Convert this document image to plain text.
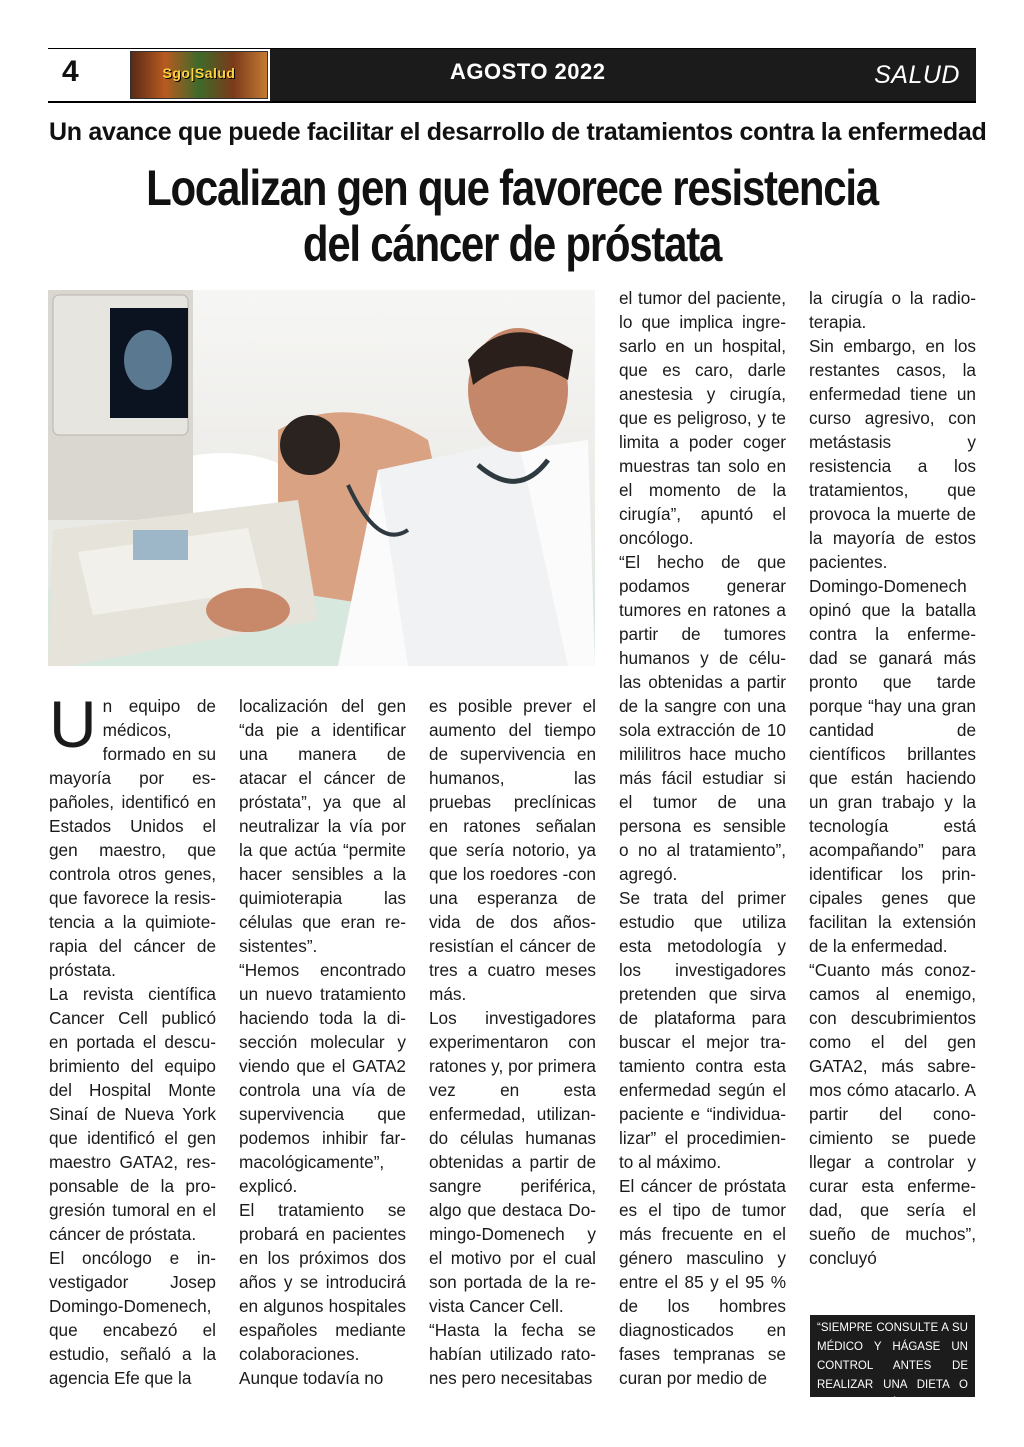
4	Sgo|Salud	AGOSTO 2022	SALUD
Un avance que puede facilitar el desarrollo de tratamientos contra la enfermedad
Localizan gen que favorece resistencia
del cáncer de próstata

Un equipo de médicos, formado en su mayoría por es- pañoles, identificó en Estados Unidos el gen maestro, que controla otros genes, que favorece la resis- tencia a la quimiote- rapia del cáncer de próstata.

La revista científica Cancer Cell publicó en portada el descu- brimiento del equipo del Hospital Monte Sinaí de Nueva York que identificó el gen maestro GATA2, res- ponsable de la pro- gresión tumoral en el cáncer de próstata.

El oncólogo e in- vestigador Josep Domingo-Domenech, que encabezó el estudio, señaló a la agencia Efe que la

localización del gen “da pie a identificar una manera de atacar el cáncer de próstata”, ya que al neutralizar la vía por la que actúa “permite hacer sensibles a la quimioterapia las células que eran re- sistentes”.

“Hemos encontrado un nuevo tratamiento haciendo toda la di- sección molecular y viendo que el GATA2 controla una vía de supervivencia que podemos inhibir far- macológicamente”, explicó.

El tratamiento se probará en pacientes en los próximos dos años y se introducirá en algunos hospitales españoles mediante colaboraciones.

Aunque todavía no

es posible prever el aumento del tiempo de supervivencia en humanos, las pruebas preclínicas en ratones señalan que sería notorio, ya que los roedores -con una esperanza de vida de dos años- resistían el cáncer de tres a cuatro meses más.

Los investigadores experimentaron con ratones y, por primera vez en esta enfermedad, utilizan- do células humanas obtenidas a partir de sangre periférica, algo que destaca Do- mingo-Domenech y el motivo por el cual son portada de la re- vista Cancer Cell.

“Hasta la fecha se habían utilizado rato- nes pero necesitabas

el tumor del paciente, lo que implica ingre- sarlo en un hospital, que es caro, darle anestesia y cirugía, que es peligroso, y te limita a poder coger muestras tan solo en el momento de la cirugía”, apuntó el oncólogo.

“El hecho de que podamos generar tumores en ratones a partir de tumores humanos y de célu- las obtenidas a partir de la sangre con una sola extracción de 10 mililitros hace mucho más fácil estudiar si el tumor de una persona es sensible o no al tratamiento”, agregó.

Se trata del primer estudio que utiliza esta metodología y los investigadores pretenden que sirva de plataforma para buscar el mejor tra- tamiento contra esta enfermedad según el paciente e “individua- lizar” el procedimien- to al máximo.

El cáncer de próstata es el tipo de tumor más frecuente en el género masculino y entre el 85 y el 95 % de los hombres diagnosticados en fases tempranas se curan por medio de

la cirugía o la radio- terapia.

Sin embargo, en los restantes casos, la enfermedad tiene un curso agresivo, con metástasis y resistencia a los tratamientos, que provoca la muerte de la mayoría de estos pacientes.

Domingo-Domenech opinó que la batalla contra la enferme- dad se ganará más pronto que tarde porque “hay una gran cantidad de científicos brillantes que están haciendo un gran trabajo y la tecnología está acompañando” para identificar los prin- cipales genes que facilitan la extensión de la enfermedad.

“Cuanto más conoz- camos al enemigo, con descubrimientos como el del gen GATA2, más sabre- mos cómo atacarlo. A partir del cono- cimiento se puede llegar a controlar y curar esta enferme- dad, que sería el sueño de muchos”, concluyó

“SIEMPRE CONSULTE A SU MÉDICO Y HÁGASE UN CONTROL ANTES DE REALIZAR UNA DIETA O ACTIVADAD FÍSICA”
